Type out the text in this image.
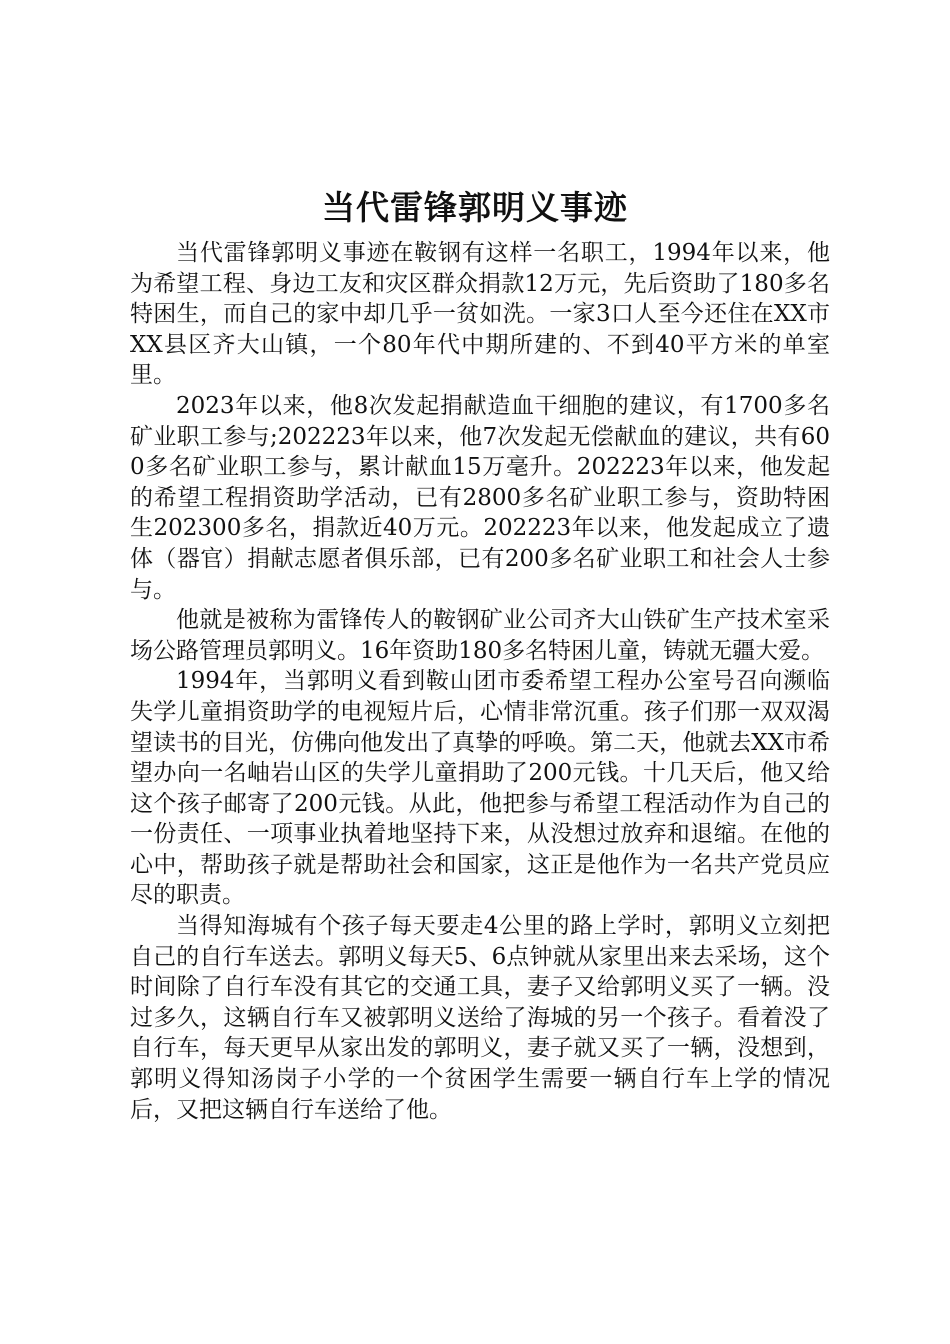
当代雷锋郭明义事迹

当代雷锋郭明义事迹在鞍钢有这样一名职工，1994年以来，他为希望工程、身边工友和灾区群众捐款12万元，先后资助了180多名特困生，而自己的家中却几乎一贫如洗。一家3口人至今还住在XX市XX县区齐大山镇，一个80年代中期所建的、不到40平方米的单室里。

2023年以来，他8次发起捐献造血干细胞的建议，有1700多名矿业职工参与;202223年以来，他7次发起无偿献血的建议，共有600多名矿业职工参与，累计献血15万毫升。202223年以来，他发起的希望工程捐资助学活动，已有2800多名矿业职工参与，资助特困生202300多名，捐款近40万元。202223年以来，他发起成立了遗体（器官）捐献志愿者俱乐部，已有200多名矿业职工和社会人士参与。

他就是被称为雷锋传人的鞍钢矿业公司齐大山铁矿生产技术室采场公路管理员郭明义。16年资助180多名特困儿童，铸就无疆大爱。

1994年，当郭明义看到鞍山团市委希望工程办公室号召向濒临失学儿童捐资助学的电视短片后，心情非常沉重。孩子们那一双双渴望读书的目光，仿佛向他发出了真挚的呼唤。第二天，他就去XX市希望办向一名岫岩山区的失学儿童捐助了200元钱。十几天后，他又给这个孩子邮寄了200元钱。从此，他把参与希望工程活动作为自己的一份责任、一项事业执着地坚持下来，从没想过放弃和退缩。在他的心中，帮助孩子就是帮助社会和国家，这正是他作为一名共产党员应尽的职责。

当得知海城有个孩子每天要走4公里的路上学时，郭明义立刻把自己的自行车送去。郭明义每天5、6点钟就从家里出来去采场，这个时间除了自行车没有其它的交通工具，妻子又给郭明义买了一辆。没过多久，这辆自行车又被郭明义送给了海城的另一个孩子。看着没了自行车，每天更早从家出发的郭明义，妻子就又买了一辆，没想到，郭明义得知汤岗子小学的一个贫困学生需要一辆自行车上学的情况后，又把这辆自行车送给了他。
